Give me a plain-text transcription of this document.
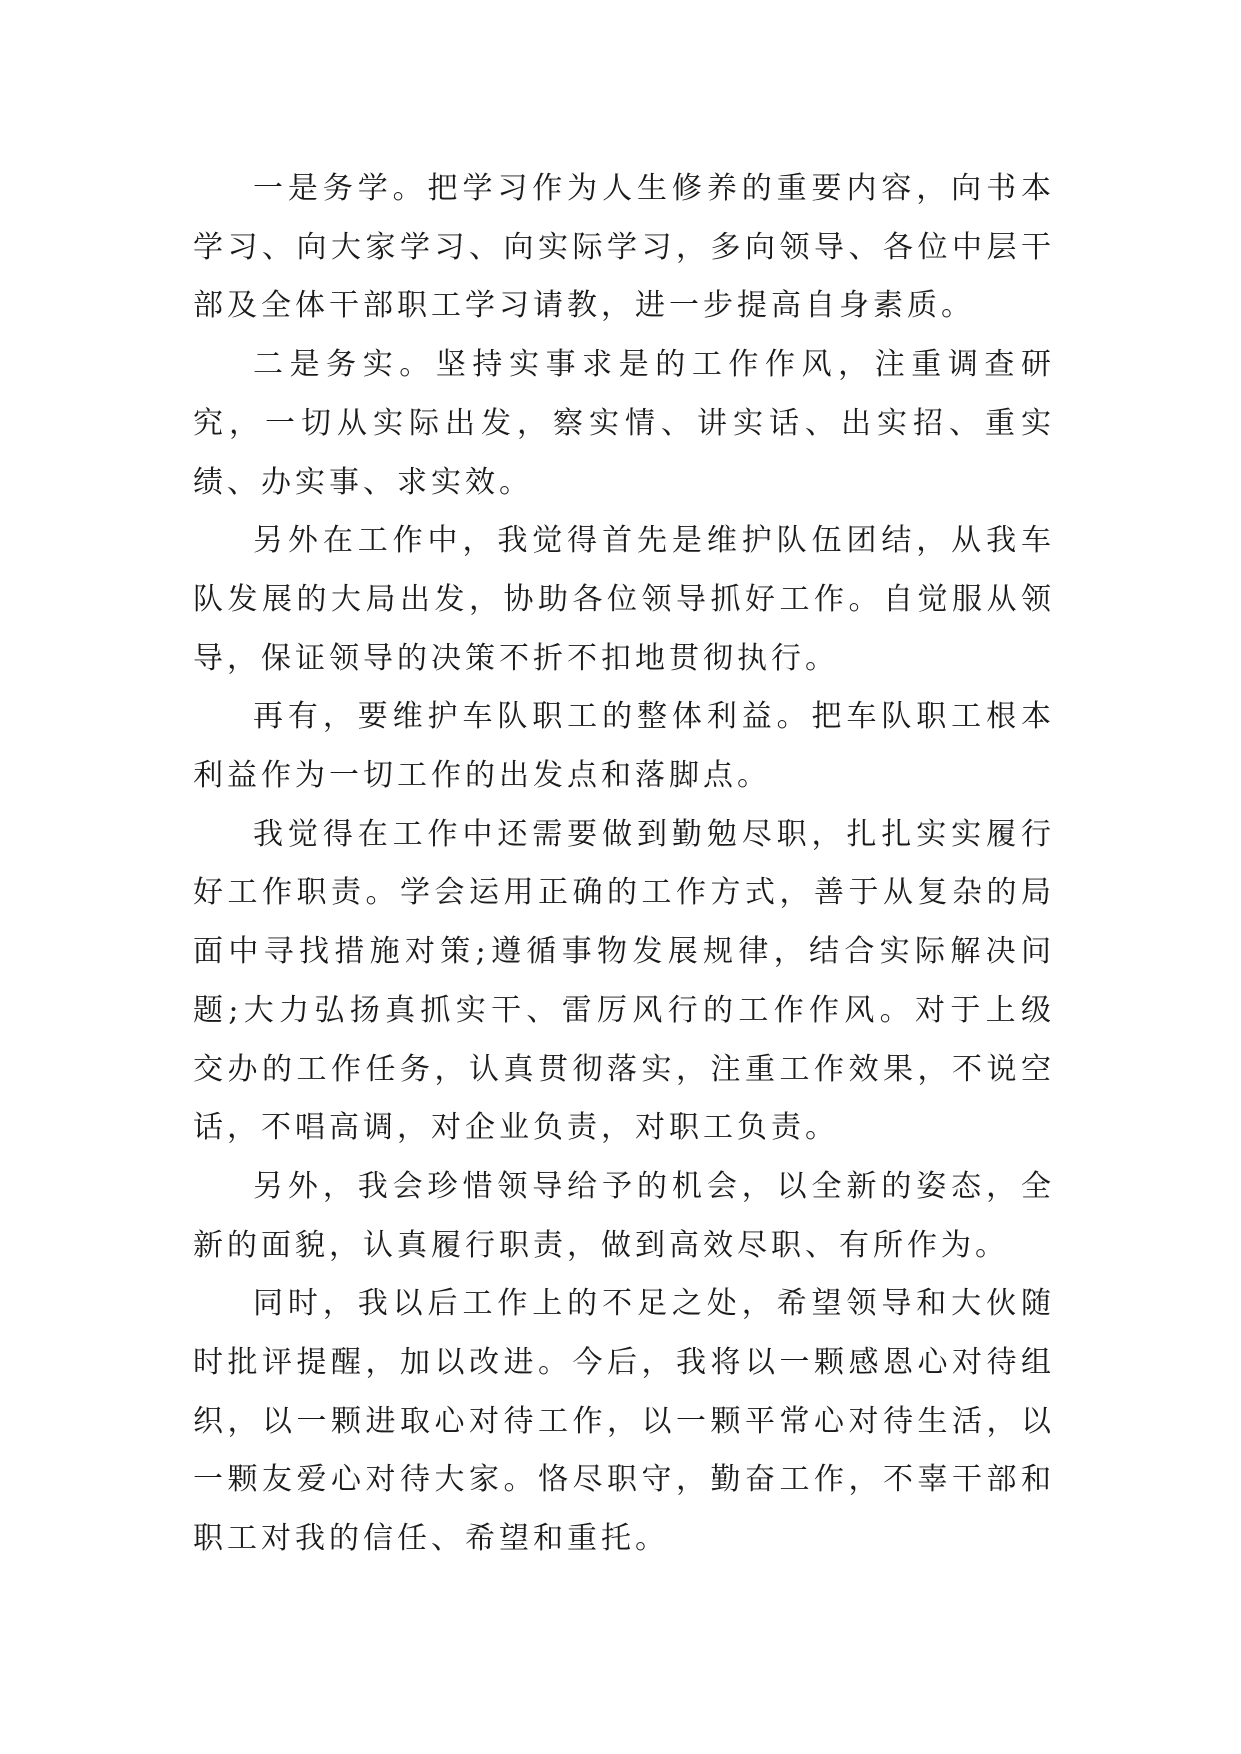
一是务学。把学习作为人生修养的重要内容，向书本学习、向大家学习、向实际学习，多向领导、各位中层干部及全体干部职工学习请教，进一步提高自身素质。

二是务实。坚持实事求是的工作作风，注重调查研究，一切从实际出发，察实情、讲实话、出实招、重实绩、办实事、求实效。

另外在工作中，我觉得首先是维护队伍团结，从我车队发展的大局出发，协助各位领导抓好工作。自觉服从领导，保证领导的决策不折不扣地贯彻执行。

再有，要维护车队职工的整体利益。把车队职工根本利益作为一切工作的出发点和落脚点。

我觉得在工作中还需要做到勤勉尽职，扎扎实实履行好工作职责。学会运用正确的工作方式，善于从复杂的局面中寻找措施对策;遵循事物发展规律，结合实际解决问题;大力弘扬真抓实干、雷厉风行的工作作风。对于上级交办的工作任务，认真贯彻落实，注重工作效果，不说空话，不唱高调，对企业负责，对职工负责。

另外，我会珍惜领导给予的机会，以全新的姿态，全新的面貌，认真履行职责，做到高效尽职、有所作为。

同时，我以后工作上的不足之处，希望领导和大伙随时批评提醒，加以改进。今后，我将以一颗感恩心对待组织，以一颗进取心对待工作，以一颗平常心对待生活，以一颗友爱心对待大家。恪尽职守，勤奋工作，不辜干部和职工对我的信任、希望和重托。
